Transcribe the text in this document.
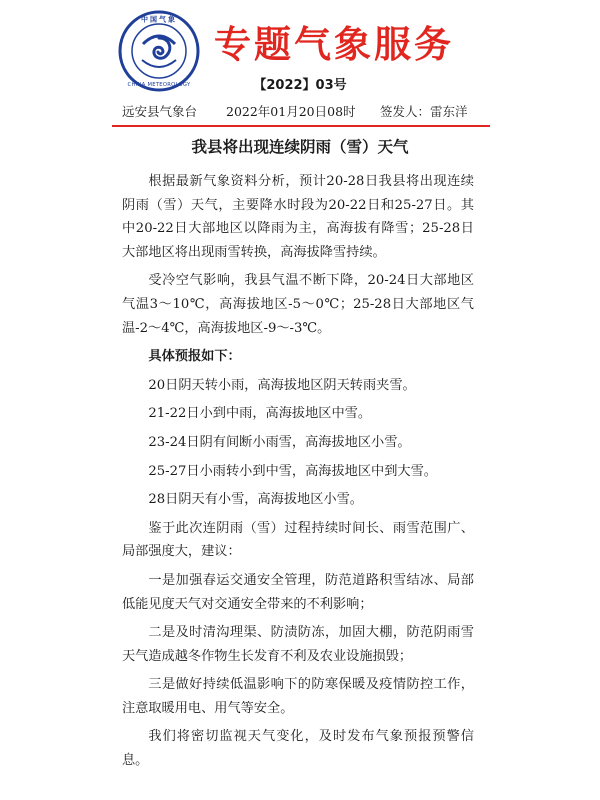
中国气象
CHINA METEOROLOGY
专题气象服务
【2022】03号
远安县气象台 2022年01月20日08时 签发人：雷东洋
我县将出现连续阴雨（雪）天气

根据最新气象资料分析，预计20-28日我县将出现连续阴雨（雪）天气，主要降水时段为20-22日和25-27日。其中20-22日大部地区以降雨为主，高海拔有降雪；25-28日大部地区将出现雨雪转换，高海拔降雪持续。

受冷空气影响，我县气温不断下降，20-24日大部地区气温3～10℃，高海拔地区-5～0℃；25-28日大部地区气温-2～4℃，高海拔地区-9～-3℃。

具体预报如下：

20日阴天转小雨，高海拔地区阴天转雨夹雪。

21-22日小到中雨，高海拔地区中雪。

23-24日阴有间断小雨雪，高海拔地区小雪。

25-27日小雨转小到中雪，高海拔地区中到大雪。

28日阴天有小雪，高海拔地区小雪。

鉴于此次连阴雨（雪）过程持续时间长、雨雪范围广、局部强度大，建议：

一是加强春运交通安全管理，防范道路积雪结冰、局部低能见度天气对交通安全带来的不利影响；

二是及时清沟理渠、防渍防冻，加固大棚，防范阴雨雪天气造成越冬作物生长发育不利及农业设施损毁；

三是做好持续低温影响下的防寒保暖及疫情防控工作，注意取暖用电、用气等安全。

我们将密切监视天气变化，及时发布气象预报预警信息。
